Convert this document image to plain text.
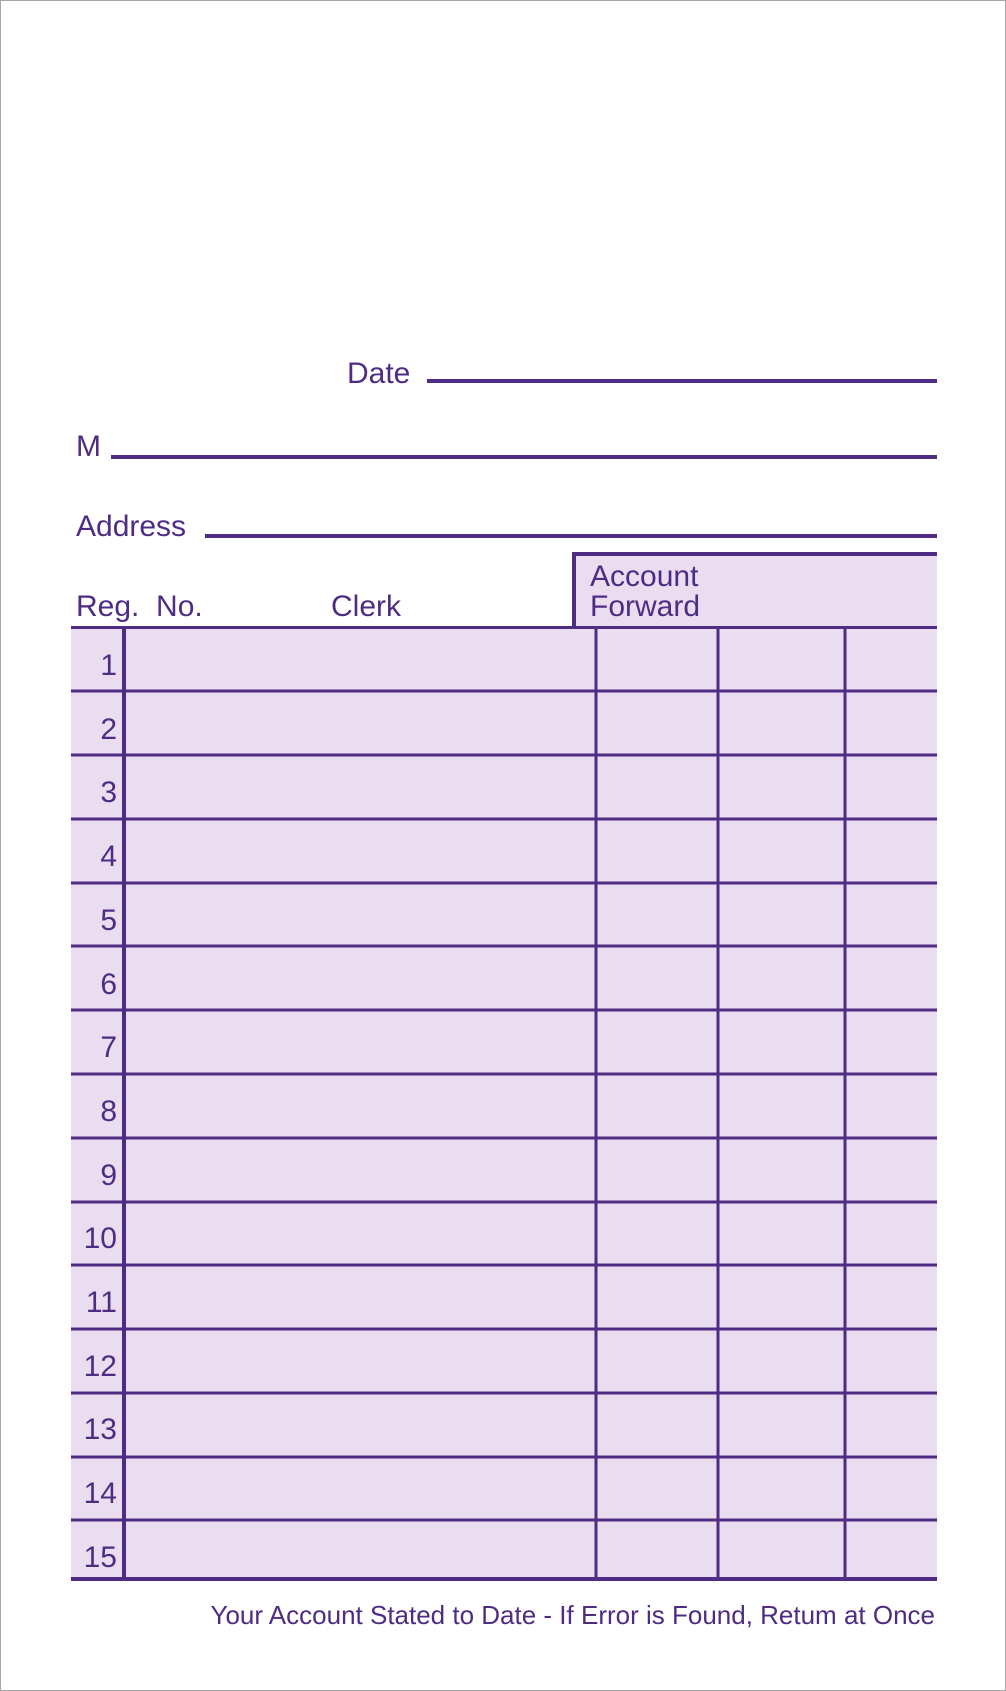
Date
M
Address
Reg.  No.	Clerk
Account
Forward
1
2
3
4
5
6
7
8
9
10
11
12
13
14
15
Your Account Stated to Date - If Error is Found, Retum at Once
